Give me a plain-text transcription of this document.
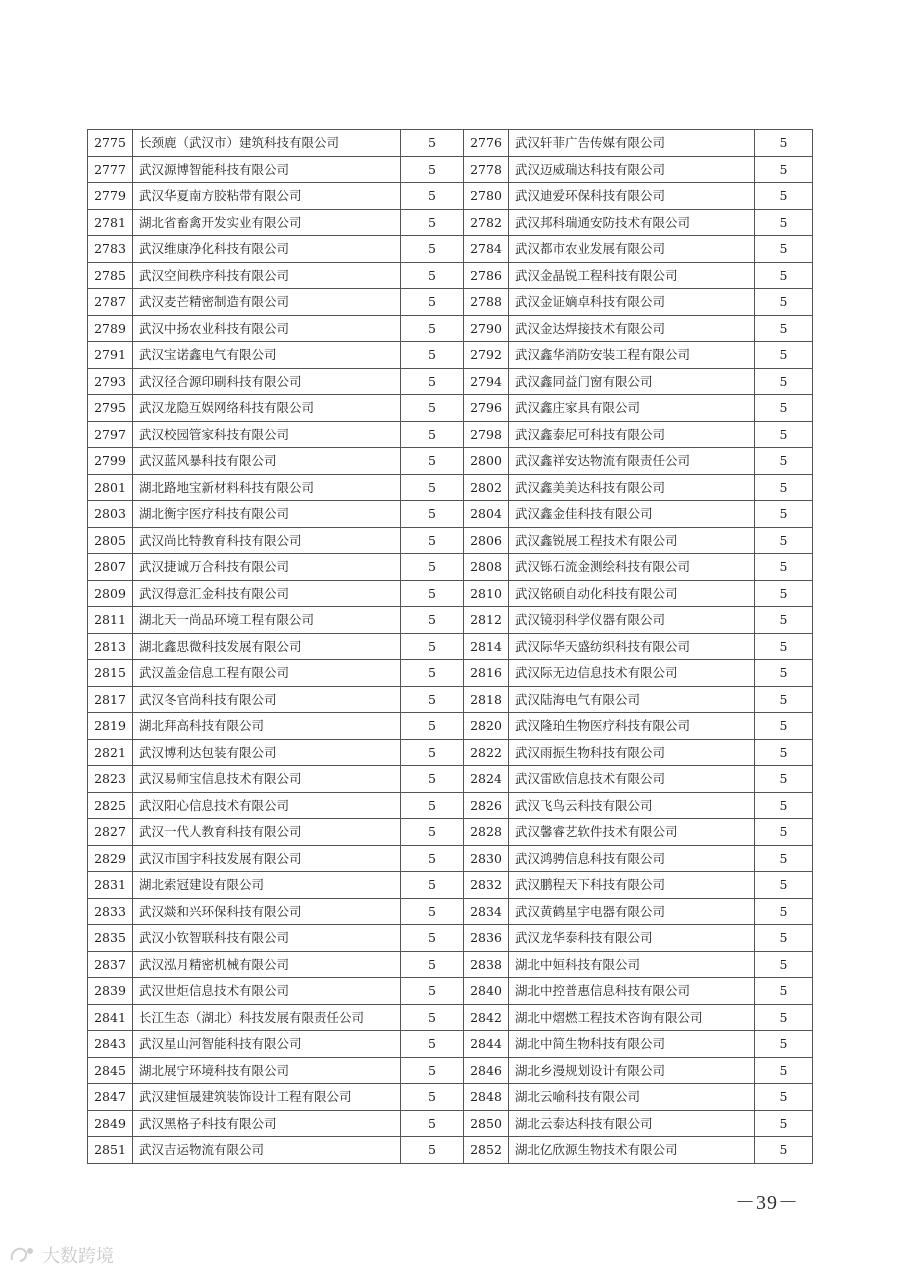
2775	长颈鹿（武汉市）建筑科技有限公司	5	2776	武汉轩菲广告传媒有限公司	5
2777	武汉源博智能科技有限公司	5	2778	武汉迈威瑞达科技有限公司	5
2779	武汉华夏南方胶粘带有限公司	5	2780	武汉迪爱环保科技有限公司	5
2781	湖北省畜禽开发实业有限公司	5	2782	武汉邦科瑞通安防技术有限公司	5
2783	武汉维康净化科技有限公司	5	2784	武汉都市农业发展有限公司	5
2785	武汉空间秩序科技有限公司	5	2786	武汉金晶锐工程科技有限公司	5
2787	武汉麦芒精密制造有限公司	5	2788	武汉金证嫡卓科技有限公司	5
2789	武汉中扬农业科技有限公司	5	2790	武汉金达焊接技术有限公司	5
2791	武汉宝诺鑫电气有限公司	5	2792	武汉鑫华消防安装工程有限公司	5
2793	武汉径合源印刷科技有限公司	5	2794	武汉鑫同益门窗有限公司	5
2795	武汉龙隐互娱网络科技有限公司	5	2796	武汉鑫庄家具有限公司	5
2797	武汉校园管家科技有限公司	5	2798	武汉鑫泰尼可科技有限公司	5
2799	武汉蓝风暴科技有限公司	5	2800	武汉鑫祥安达物流有限责任公司	5
2801	湖北路地宝新材料科技有限公司	5	2802	武汉鑫美美达科技有限公司	5
2803	湖北衡宇医疗科技有限公司	5	2804	武汉鑫金佳科技有限公司	5
2805	武汉尚比特教育科技有限公司	5	2806	武汉鑫锐展工程技术有限公司	5
2807	武汉捷诚万合科技有限公司	5	2808	武汉铄石流金测绘科技有限公司	5
2809	武汉得意汇金科技有限公司	5	2810	武汉铭硕自动化科技有限公司	5
2811	湖北天一尚品环境工程有限公司	5	2812	武汉镜羽科学仪器有限公司	5
2813	湖北鑫思微科技发展有限公司	5	2814	武汉际华天盛纺织科技有限公司	5
2815	武汉盖金信息工程有限公司	5	2816	武汉际无边信息技术有限公司	5
2817	武汉冬官尚科技有限公司	5	2818	武汉陆海电气有限公司	5
2819	湖北拜高科技有限公司	5	2820	武汉隆珀生物医疗科技有限公司	5
2821	武汉博利达包装有限公司	5	2822	武汉雨振生物科技有限公司	5
2823	武汉易师宝信息技术有限公司	5	2824	武汉雷欧信息技术有限公司	5
2825	武汉阳心信息技术有限公司	5	2826	武汉飞鸟云科技有限公司	5
2827	武汉一代人教育科技有限公司	5	2828	武汉馨睿艺软件技术有限公司	5
2829	武汉市国宇科技发展有限公司	5	2830	武汉鸿骋信息科技有限公司	5
2831	湖北索冠建设有限公司	5	2832	武汉鹏程天下科技有限公司	5
2833	武汉燚和兴环保科技有限公司	5	2834	武汉黄鹤星宇电器有限公司	5
2835	武汉小钦智联科技有限公司	5	2836	武汉龙华泰科技有限公司	5
2837	武汉泓月精密机械有限公司	5	2838	湖北中姮科技有限公司	5
2839	武汉世炬信息技术有限公司	5	2840	湖北中控普惠信息科技有限公司	5
2841	长江生态（湖北）科技发展有限责任公司	5	2842	湖北中熠燃工程技术咨询有限公司	5
2843	武汉星山河智能科技有限公司	5	2844	湖北中简生物科技有限公司	5
2845	湖北展宁环境科技有限公司	5	2846	湖北乡漫规划设计有限公司	5
2847	武汉建恒晟建筑装饰设计工程有限公司	5	2848	湖北云喻科技有限公司	5
2849	武汉黑格子科技有限公司	5	2850	湖北云泰达科技有限公司	5
2851	武汉吉运物流有限公司	5	2852	湖北亿欣源生物技术有限公司	5
－39－
大数跨境
